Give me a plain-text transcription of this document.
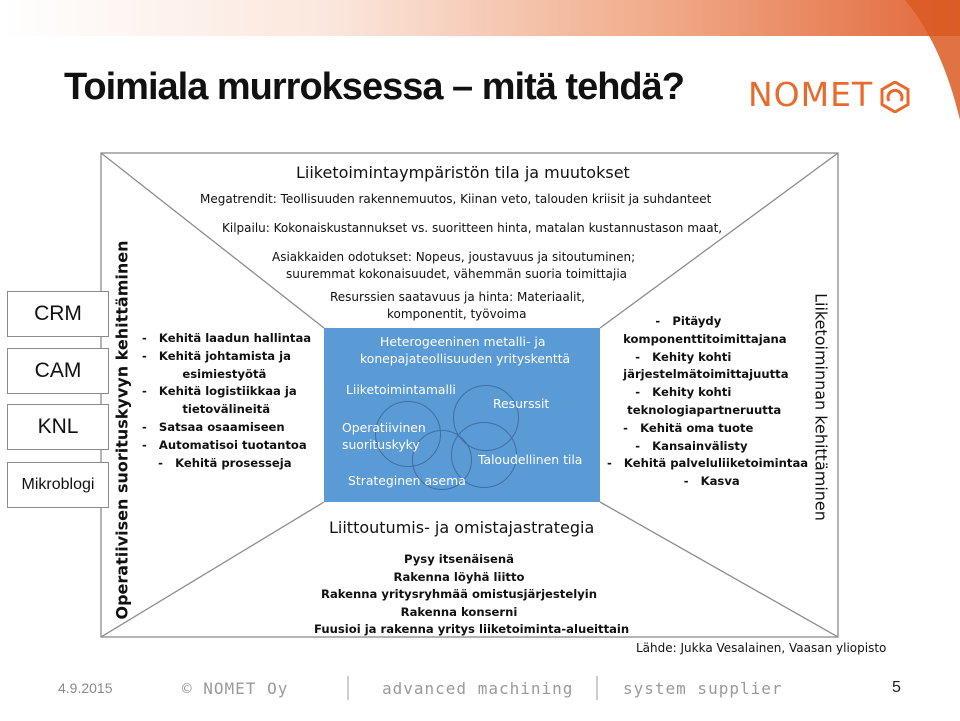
Toimiala murroksessa – mitä tehdä? NOMET
Liiketoimintaympäristön tila ja muutokset
Megatrendit: Teollisuuden rakennemuutos, Kiinan veto, talouden kriisit ja suhdanteet
Kilpailu: Kokonaiskustannukset vs. suoritteen hinta, matalan kustannustason maat,
Asiakkaiden odotukset: Nopeus, joustavuus ja sitoutuminen;
suuremmat kokonaisuudet, vähemmän suoria toimittajia
Resurssien saatavuus ja hinta: Materiaalit,
komponentit, työvoima
CRM
CAM
KNL
Mikroblogi	Operatiivisen suorituskyvyn kehittäminen	Liiketoiminnan kehittäminen
-   Kehitä laadun hallintaa
-   Kehitä johtamista ja
esimiestyötä
-   Kehitä logistiikkaa ja
tietovälineitä
-   Satsaa osaamiseen
-   Automatisoi tuotantoa
-   Kehitä prosesseja
-   Pitäydy
komponenttitoimittajana
-   Kehity kohti
järjestelmätoimittajuutta
-   Kehity kohti
teknologiapartneruutta
-   Kehitä oma tuote
-   Kansainvälisty
-   Kehitä palveluliiketoimintaa
-   Kasva
Heterogeeninen metalli- ja
konepajateollisuuden yrityskenttä
Liiketoimintamalli
Resurssit
Operatiivinen
suorituskyky
Taloudellinen tila
Strateginen asema
Liittoutumis- ja omistajastrategia
Pysy itsenäisenä
Rakenna löyhä liitto
Rakenna yritysryhmää omistusjärjestelyin
Rakenna konserni
Fuusioi ja rakenna yritys liiketoiminta-alueittain
Lähde: Jukka Vesalainen, Vaasan yliopisto
4.9.2015	© NOMET Oy	advanced machining	system supplier	5
